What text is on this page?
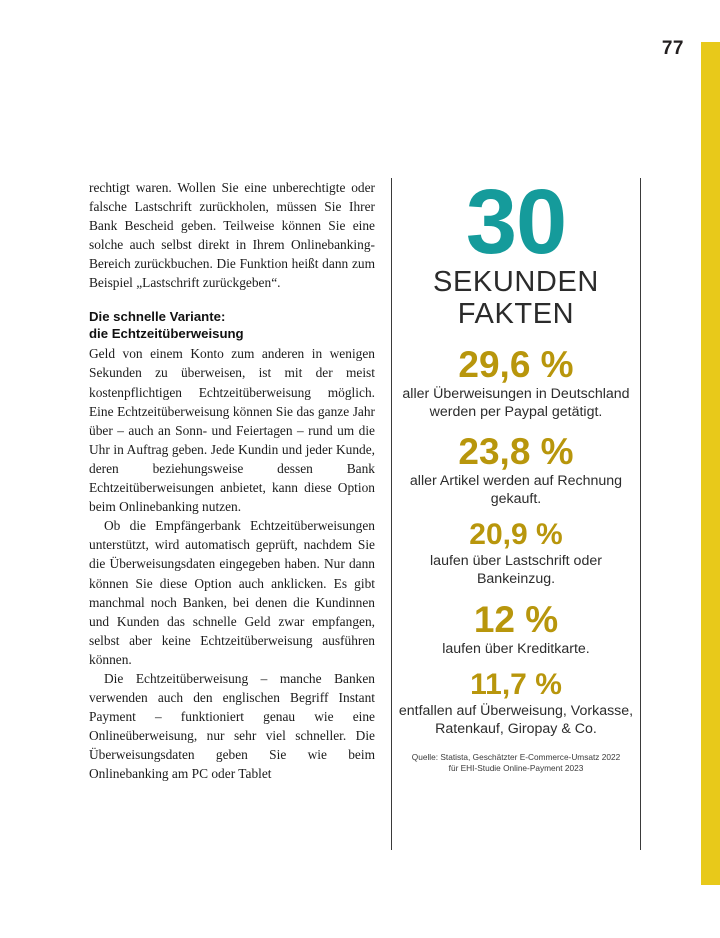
77

rechtigt waren. Wollen Sie eine unberechtigte oder falsche Lastschrift zurückholen, müssen Sie Ihrer Bank Bescheid geben. Teilweise können Sie eine solche auch selbst direkt in Ihrem Onlinebanking-Bereich zurückbuchen. Die Funktion heißt dann zum Beispiel „Lastschrift zurückgeben“.

Die schnelle Variante:
die Echtzeitüberweisung

Geld von einem Konto zum anderen in wenigen Sekunden zu überweisen, ist mit der meist kostenpflichtigen Echtzeitüberweisung möglich. Eine Echtzeitüberweisung können Sie das ganze Jahr über – auch an Sonn- und Feiertagen – rund um die Uhr in Auftrag geben. Jede Kundin und jeder Kunde, deren beziehungsweise dessen Bank Echtzeitüberweisungen anbietet, kann diese Option beim Onlinebanking nutzen.

Ob die Empfängerbank Echtzeitüberweisungen unterstützt, wird automatisch geprüft, nachdem Sie die Überweisungsdaten eingegeben haben. Nur dann können Sie diese Option auch anklicken. Es gibt manchmal noch Banken, bei denen die Kundinnen und Kunden das schnelle Geld zwar empfangen, selbst aber keine Echtzeitüberweisung ausführen können.

Die Echtzeitüberweisung – manche Banken verwenden auch den englischen Begriff Instant Payment – funktioniert genau wie eine Onlineüberweisung, nur sehr viel schneller. Die Überweisungsdaten geben Sie wie beim Onlinebanking am PC oder Tablet

30
SEKUNDEN
FAKTEN
29,6 %
aller Überweisungen in Deutschland werden per Paypal getätigt.
23,8 %
aller Artikel werden auf Rechnung gekauft.
20,9 %
laufen über Lastschrift oder Bankeinzug.
12 %
laufen über Kreditkarte.
11,7 %
entfallen auf Überweisung, Vorkasse, Ratenkauf, Giropay & Co.
Quelle: Statista, Geschätzter E-Commerce-Umsatz 2022
für EHI-Studie Online-Payment 2023
